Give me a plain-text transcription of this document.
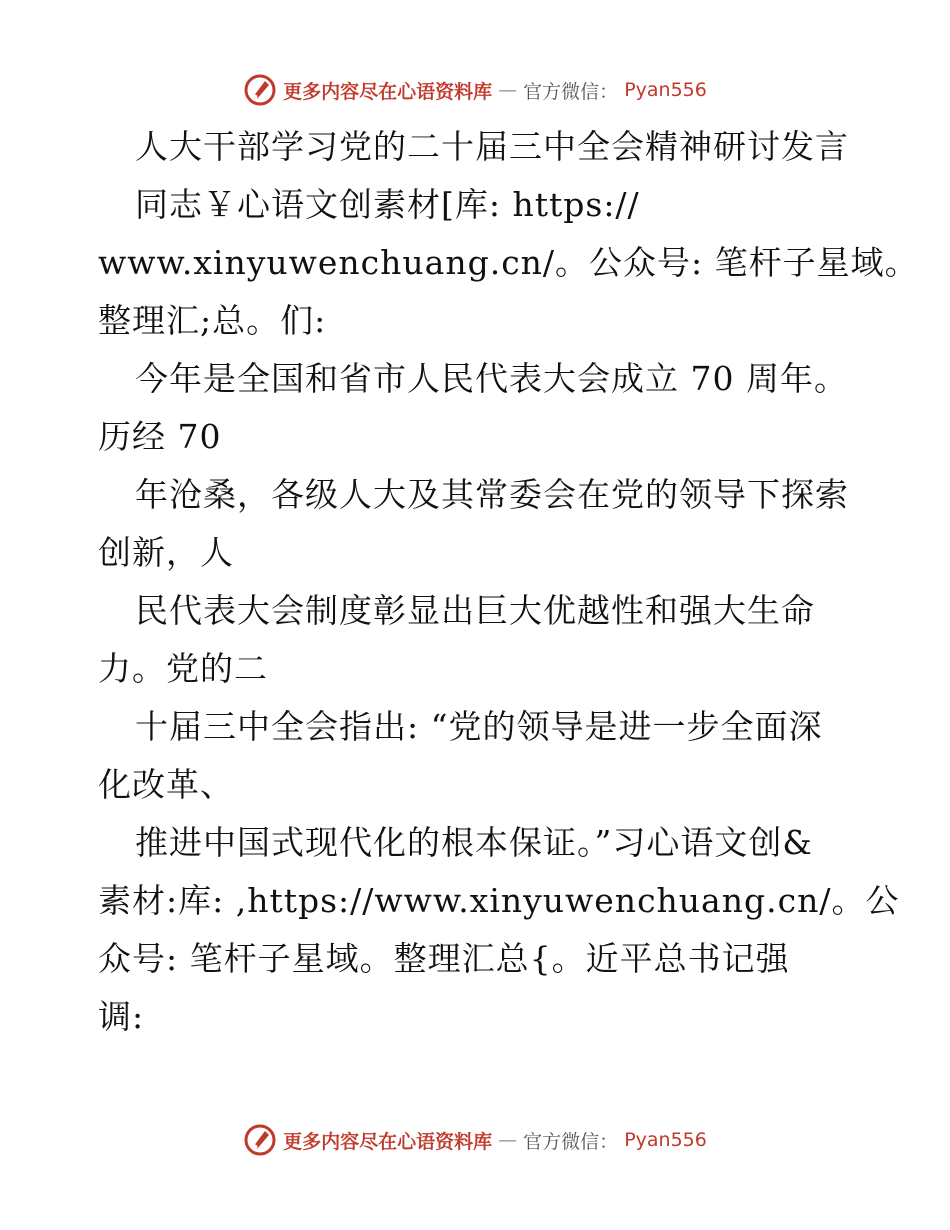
更多内容尽在心语资料库 — 官方微信： Pyan556
人大干部学习党的二十届三中全会精神研讨发言
同志￥心语文创素材[库: https://
www.xinyuwenchuang.cn/。公众号: 笔杆子星域。
整理汇;总。们:
今年是全国和省市人民代表大会成立 70 周年。
历经 70
年沧桑，各级人大及其常委会在党的领导下探索
创新，人
民代表大会制度彰显出巨大优越性和强大生命
力。党的二
十届三中全会指出: “党的领导是进一步全面深
化改革、
推进中国式现代化的根本保证。”习心语文创&
素材:库: ,https://www.xinyuwenchuang.cn/。公
众号: 笔杆子星域。整理汇总{。近平总书记强
调:
更多内容尽在心语资料库 — 官方微信： Pyan556
